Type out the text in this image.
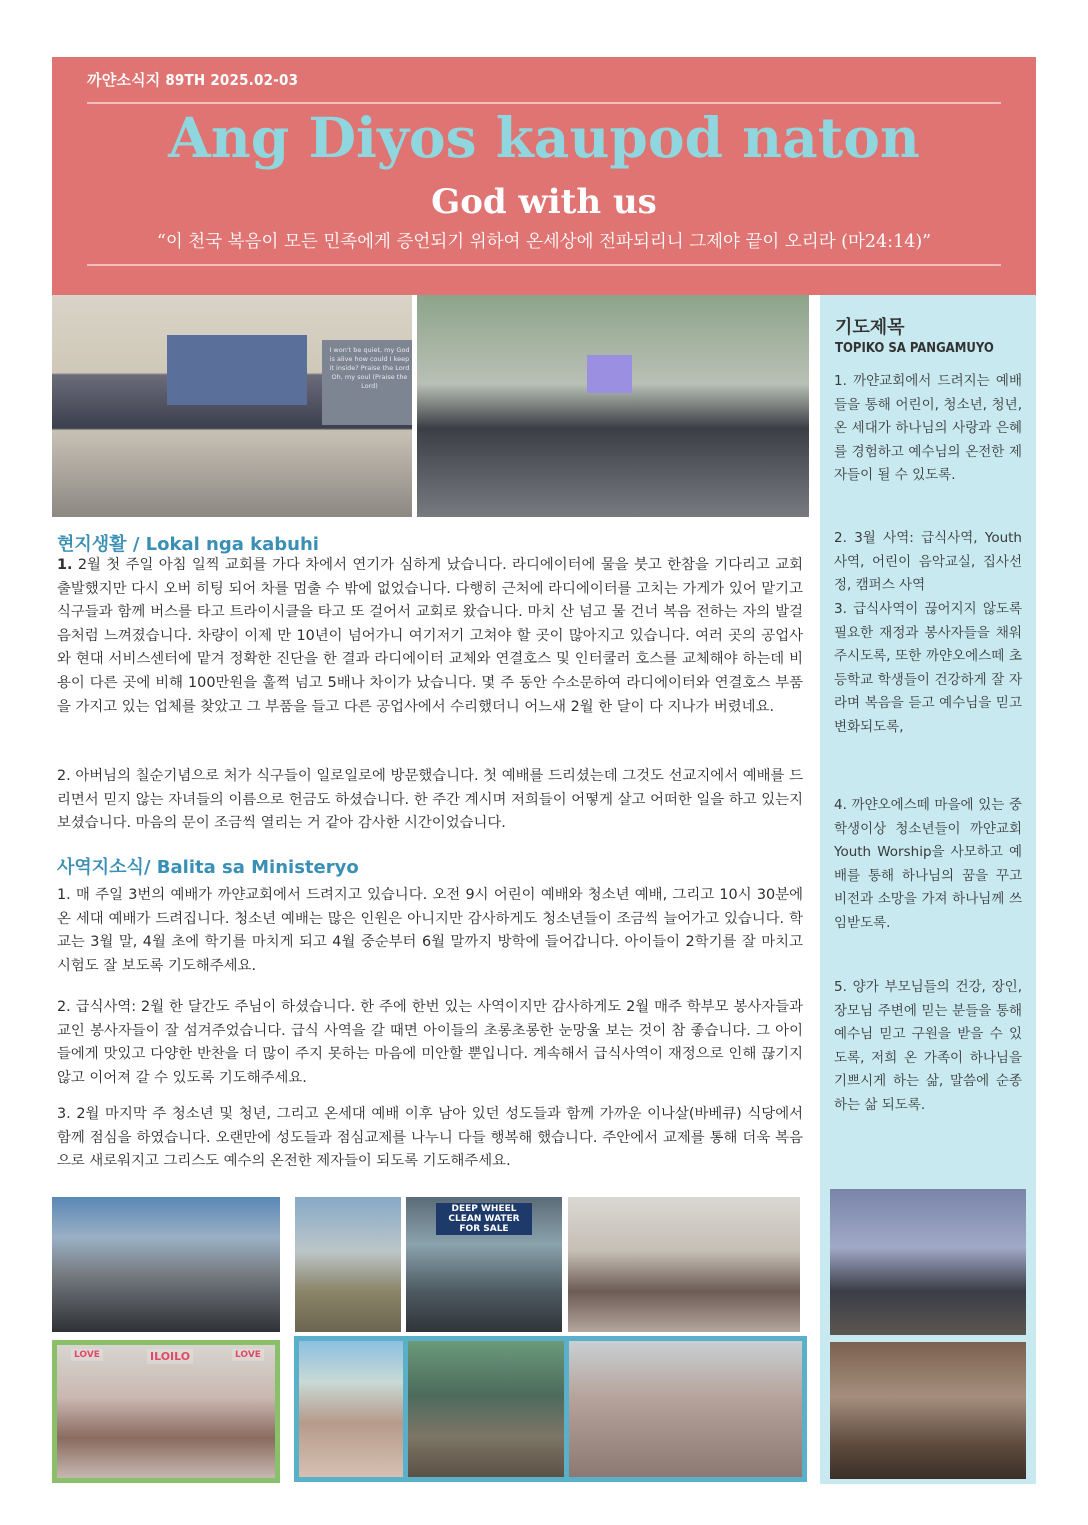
까얀소식지 89TH 2025.02-03
Ang Diyos kaupod naton
God with us
“이 천국 복음이 모든 민족에게 증언되기 위하여 온세상에 전파되리니 그제야 끝이 오리라 (마24:14)”
I won't be quiet, my God is alive how could I keep it inside? Praise the Lord Oh, my soul (Praise the Lord)
현지생활 / Lokal nga kabuhi
1. 2월 첫 주일 아침 일찍 교회를 가다 차에서 연기가 심하게 났습니다. 라디에이터에 물을 붓고 한참을 기다리고 교회 출발했지만 다시 오버 히팅 되어 차를 멈출 수 밖에 없었습니다. 다행히 근처에 라디에이터를 고치는 가게가 있어 맡기고 식구들과 함께 버스를 타고 트라이시클을 타고 또 걸어서 교회로 왔습니다. 마치 산 넘고 물 건너 복음 전하는 자의 발걸음처럼 느껴졌습니다. 차량이 이제 만 10년이 넘어가니 여기저기 고쳐야 할 곳이 많아지고 있습니다. 여러 곳의 공업사와 현대 서비스센터에 맡겨 정확한 진단을 한 결과 라디에이터 교체와 연결호스 및 인터쿨러 호스를 교체해야 하는데 비용이 다른 곳에 비해 100만원을 훌쩍 넘고 5배나 차이가 났습니다. 몇 주 동안 수소문하여 라디에이터와 연결호스 부품을 가지고 있는 업체를 찾았고 그 부품을 들고 다른 공업사에서 수리했더니 어느새 2월 한 달이 다 지나가 버렸네요.
2. 아버님의 칠순기념으로 처가 식구들이 일로일로에 방문했습니다. 첫 예배를 드리셨는데 그것도 선교지에서 예배를 드리면서 믿지 않는 자녀들의 이름으로 헌금도 하셨습니다. 한 주간 계시며 저희들이 어떻게 살고 어떠한 일을 하고 있는지 보셨습니다. 마음의 문이 조금씩 열리는 거 같아 감사한 시간이었습니다.
사역지소식/ Balita sa Ministeryo
1. 매 주일 3번의 예배가 까얀교회에서 드려지고 있습니다. 오전 9시 어린이 예배와 청소년 예배, 그리고 10시 30분에 온 세대 예배가 드려집니다. 청소년 예배는 많은 인원은 아니지만 감사하게도 청소년들이 조금씩 늘어가고 있습니다. 학교는 3월 말, 4월 초에 학기를 마치게 되고 4월 중순부터 6월 말까지 방학에 들어갑니다. 아이들이 2학기를 잘 마치고 시험도 잘 보도록 기도해주세요.
2. 급식사역: 2월 한 달간도 주님이 하셨습니다. 한 주에 한번 있는 사역이지만 감사하게도 2월 매주 학부모 봉사자들과 교인 봉사자들이 잘 섬겨주었습니다. 급식 사역을 갈 때면 아이들의 초롱초롱한 눈망울 보는 것이 참 좋습니다. 그 아이들에게 맛있고 다양한 반찬을 더 많이 주지 못하는 마음에 미안할 뿐입니다. 계속해서 급식사역이 재정으로 인해 끊기지 않고 이어져 갈 수 있도록 기도해주세요.
3. 2월 마지막 주 청소년 및 청년, 그리고 온세대 예배 이후 남아 있던 성도들과 함께 가까운 이나살(바베큐) 식당에서 함께 점심을 하였습니다. 오랜만에 성도들과 점심교제를 나누니 다들 행복해 했습니다. 주안에서 교제를 통해 더욱 복음으로 새로워지고 그리스도 예수의 온전한 제자들이 되도록 기도해주세요.
DEEP WHEEL CLEAN WATER FOR SALE
LOVE	ILOILO	LOVE
기도제목
TOPIKO SA PANGAMUYO
1. 까얀교회에서 드려지는 예배들을 통해 어린이, 청소년, 청년, 온 세대가 하나님의 사랑과 은혜를 경험하고 예수님의 온전한 제자들이 될 수 있도록.
2. 3월 사역: 급식사역, Youth사역, 어린이 음악교실, 집사선정, 캠퍼스 사역
3. 급식사역이 끊어지지 않도록 필요한 재정과 봉사자들을 채워주시도록, 또한 까얀오에스떼 초등학교 학생들이 건강하게 잘 자라며 복음을 듣고 예수님을 믿고 변화되도록,
4. 까얀오에스떼 마을에 있는 중학생이상 청소년들이 까얀교회 Youth Worship을 사모하고 예배를 통해 하나님의 꿈을 꾸고 비전과 소망을 가져 하나님께 쓰임받도록.
5. 양가 부모님들의 건강, 장인, 장모님 주변에 믿는 분들을 통해 예수님 믿고 구원을 받을 수 있도록, 저희 온 가족이 하나님을 기쁘시게 하는 삶, 말씀에 순종하는 삶 되도록.
